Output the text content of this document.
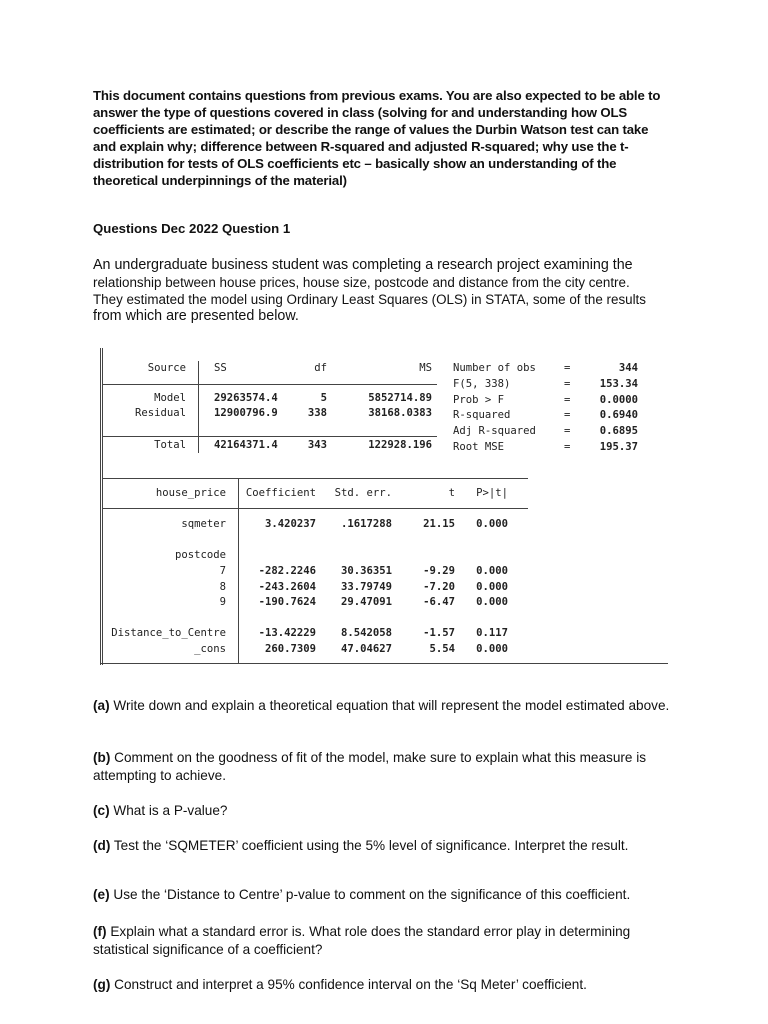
This document contains questions from previous exams. You are also expected to be able to
answer the type of questions covered in class (solving for and understanding how OLS
coefficients are estimated; or describe the range of values the Durbin Watson test can take
and explain why; difference between R-squared and adjusted R-squared; why use the t-
distribution for tests of OLS coefficients etc – basically show an understanding of the
theoretical underpinnings of the material)
Questions Dec 2022 Question 1
An undergraduate business student was completing a research project examining the
relationship between house prices, house size, postcode and distance from the city centre.
They estimated the model using Ordinary Least Squares (OLS) in STATA, some of the results
from which are presented below.
Source	SS	df	MS
Model	29263574.4	5	5852714.89
Residual	12900796.9	338	38168.0383
Total	42164371.4	343	122928.196
Number of obs	=	344
F(5, 338)	=	153.34
Prob > F	=	0.0000
R-squared	=	0.6940
Adj R-squared	=	0.6895
Root MSE	=	195.37
house_price	Coefficient	Std. err.	t	P>|t|
sqmeter	3.420237	.1617288	21.15	0.000
postcode
7	-282.2246	30.36351	-9.29	0.000
8	-243.2604	33.79749	-7.20	0.000
9	-190.7624	29.47091	-6.47	0.000
Distance_to_Centre	-13.42229	8.542058	-1.57	0.117
_cons	260.7309	47.04627	5.54	0.000
(a) Write down and explain a theoretical equation that will represent the model estimated above.
(b) Comment on the goodness of fit of the model, make sure to explain what this measure is attempting to achieve.
(c) What is a P-value?
(d) Test the ‘SQMETER’ coefficient using the 5% level of significance. Interpret the result.
(e) Use the ‘Distance to Centre’ p-value to comment on the significance of this coefficient.
(f) Explain what a standard error is. What role does the standard error play in determining statistical significance of a coefficient?
(g) Construct and interpret a 95% confidence interval on the ‘Sq Meter’ coefficient.
